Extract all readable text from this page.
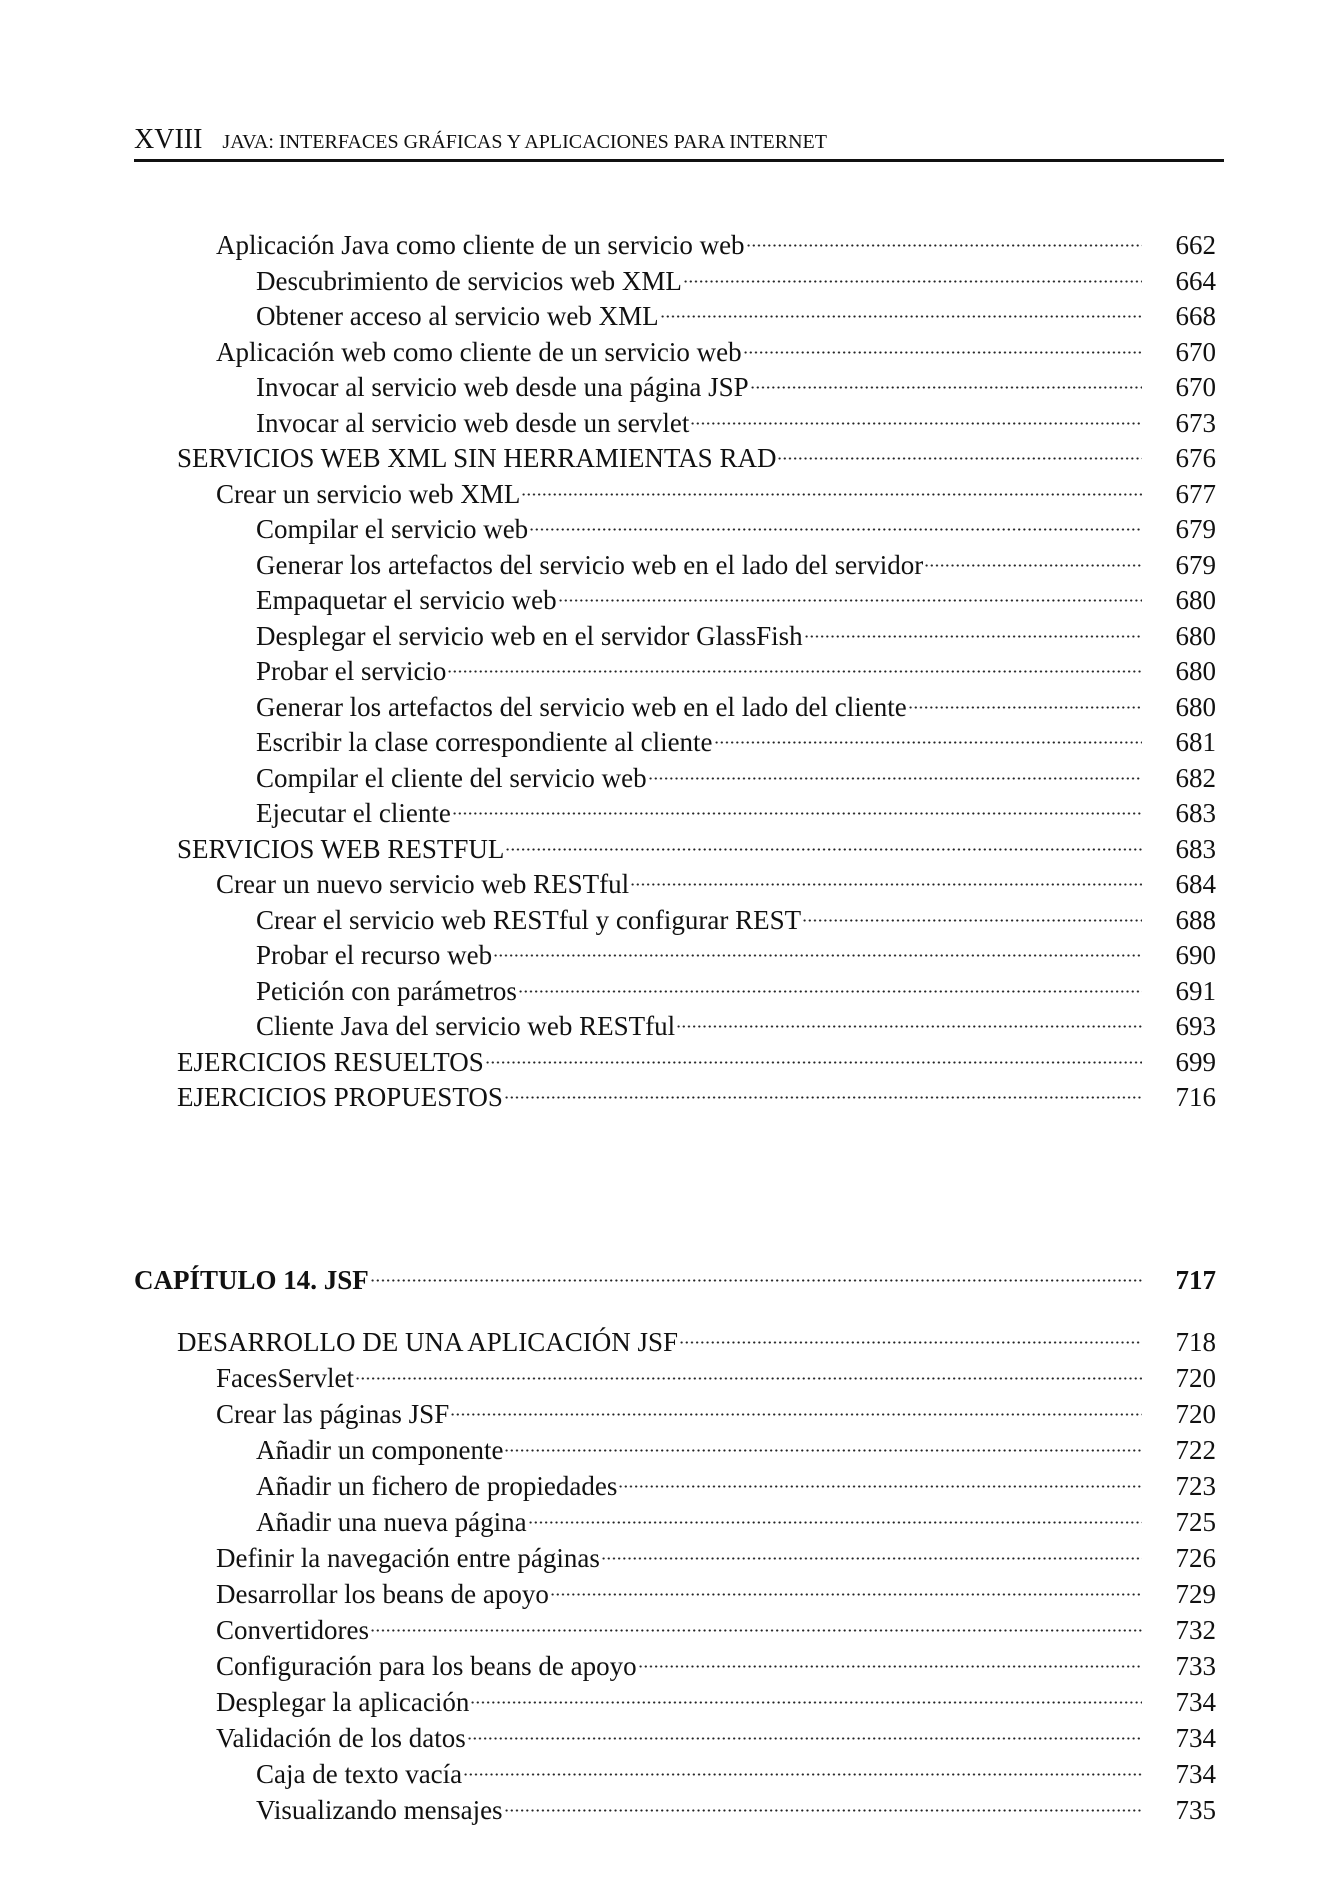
XVIII JAVA: INTERFACES GRÁFICAS Y APLICACIONES PARA INTERNET
Aplicación Java como cliente de un servicio web	662
Descubrimiento de servicios web XML	664
Obtener acceso al servicio web XML	668
Aplicación web como cliente de un servicio web	670
Invocar al servicio web desde una página JSP	670
Invocar al servicio web desde un servlet	673
SERVICIOS WEB XML SIN HERRAMIENTAS RAD	676
Crear un servicio web XML	677
Compilar el servicio web	679
Generar los artefactos del servicio web en el lado del servidor	679
Empaquetar el servicio web	680
Desplegar el servicio web en el servidor GlassFish	680
Probar el servicio	680
Generar los artefactos del servicio web en el lado del cliente	680
Escribir la clase correspondiente al cliente	681
Compilar el cliente del servicio web	682
Ejecutar el cliente	683
SERVICIOS WEB RESTFUL	683
Crear un nuevo servicio web RESTful	684
Crear el servicio web RESTful y configurar REST	688
Probar el recurso web	690
Petición con parámetros	691
Cliente Java del servicio web RESTful	693
EJERCICIOS RESUELTOS	699
EJERCICIOS PROPUESTOS	716
CAPÍTULO 14. JSF	717
DESARROLLO DE UNA APLICACIÓN JSF	718
FacesServlet	720
Crear las páginas JSF	720
Añadir un componente	722
Añadir un fichero de propiedades	723
Añadir una nueva página	725
Definir la navegación entre páginas	726
Desarrollar los beans de apoyo	729
Convertidores	732
Configuración para los beans de apoyo	733
Desplegar la aplicación	734
Validación de los datos	734
Caja de texto vacía	734
Visualizando mensajes	735
